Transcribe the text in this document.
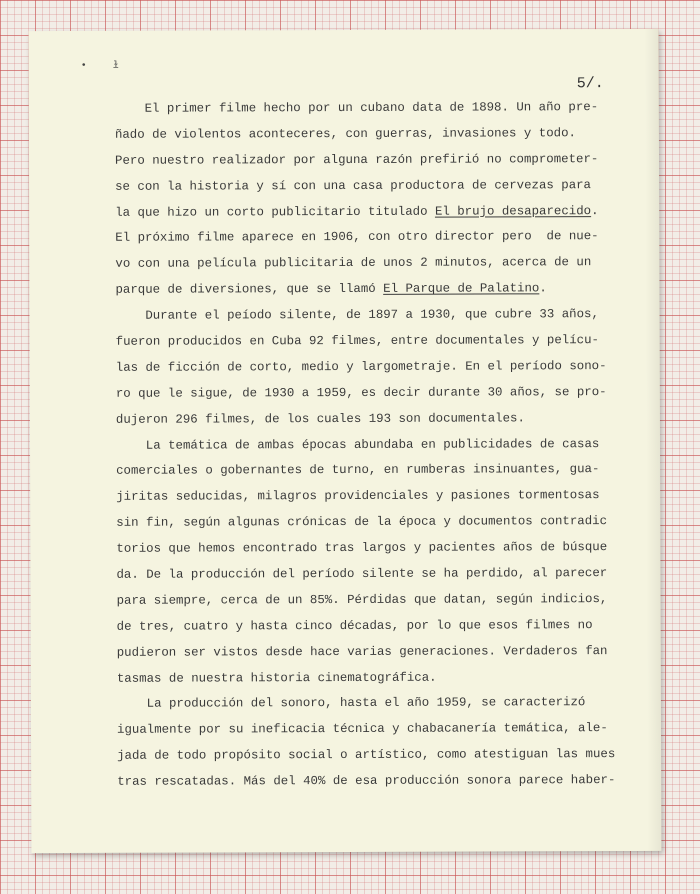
•	ɫ
5/.
El primer filme hecho por un cubano data de 1898. Un año pre-
ñado de violentos aconteceres, con guerras, invasiones y todo.
Pero nuestro realizador por alguna razón prefirió no comprometer-
se con la historia y sí con una casa productora de cervezas para
la que hizo un corto publicitario titulado El brujo desaparecido.
El próximo filme aparece en 1906, con otro director pero  de nue-
vo con una película publicitaria de unos 2 minutos, acerca de un
parque de diversiones, que se llamó El Parque de Palatino.
Durante el peíodo silente, de 1897 a 1930, que cubre 33 años,
fueron producidos en Cuba 92 filmes, entre documentales y pelícu-
las de ficción de corto, medio y largometraje. En el período sono-
ro que le sigue, de 1930 a 1959, es decir durante 30 años, se pro-
dujeron 296 filmes, de los cuales 193 son documentales.
La temática de ambas épocas abundaba en publicidades de casas
comerciales o gobernantes de turno, en rumberas insinuantes, gua-
jiritas seducidas, milagros providenciales y pasiones tormentosas
sin fin, según algunas crónicas de la época y documentos contradic
torios que hemos encontrado tras largos y pacientes años de búsque
da. De la producción del período silente se ha perdido, al parecer
para siempre, cerca de un 85%. Pérdidas que datan, según indicios,
de tres, cuatro y hasta cinco décadas, por lo que esos filmes no
pudieron ser vistos desde hace varias generaciones. Verdaderos fan
tasmas de nuestra historia cinematográfica.
La producción del sonoro, hasta el año 1959, se caracterizó
igualmente por su ineficacia técnica y chabacanería temática, ale-
jada de todo propósito social o artístico, como atestiguan las mues
tras rescatadas. Más del 40% de esa producción sonora parece haber-
